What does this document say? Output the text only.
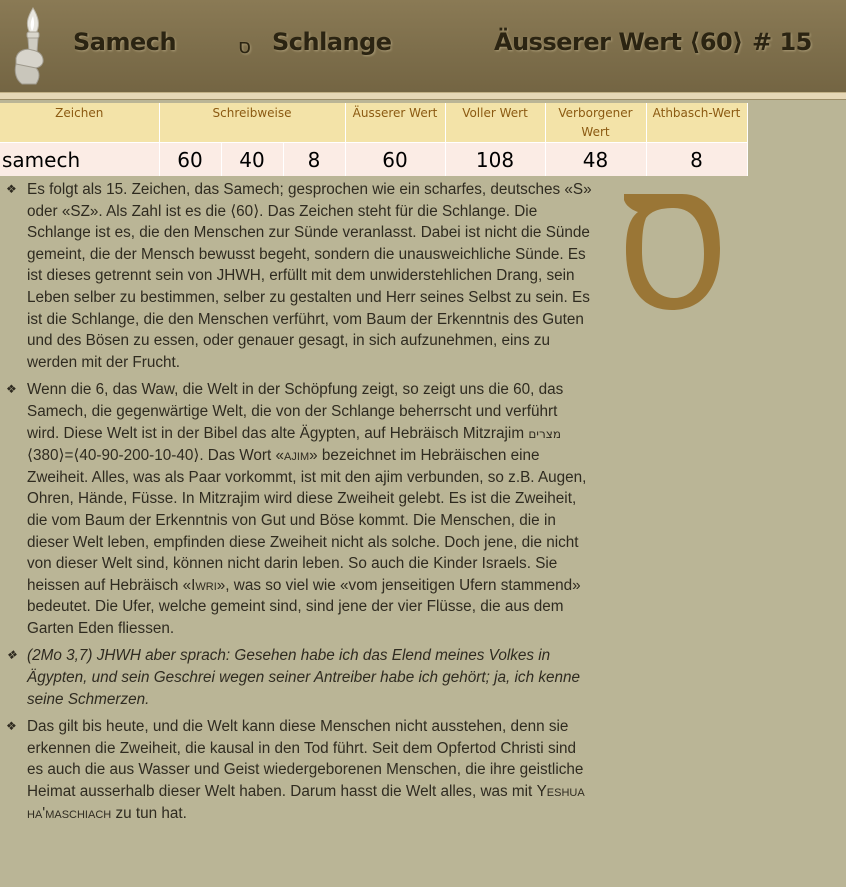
Samech	ס Schlange	Äusserer Wert ⟨60⟩ # 15
Zeichen	Schreibweise			Äusserer Wert	Voller Wert	Verborgener Wert	Athbasch-Wert
samech	60	40	8	60	108	48	8
❖ Es folgt als 15. Zeichen, das Samech; gesprochen wie ein scharfes, deutsches «S» oder «SZ». Als Zahl ist es die ⟨60⟩. Das Zeichen steht für die Schlange. Die Schlange ist es, die den Menschen zur Sünde veranlasst. Dabei ist nicht die Sünde gemeint, die der Mensch bewusst begeht, sondern die unausweichliche Sünde. Es ist dieses getrennt sein von JHWH, erfüllt mit dem unwiderstehlichen Drang, sein Leben selber zu bestimmen, selber zu gestalten und Herr seines Selbst zu sein. Es ist die Schlange, die den Menschen verführt, vom Baum der Erkenntnis des Guten und des Bösen zu essen, oder genauer gesagt, in sich aufzunehmen, eins zu werden mit der Frucht.
❖ Wenn die 6, das Waw, die Welt in der Schöpfung zeigt, so zeigt uns die 60, das Samech, die gegenwärtige Welt, die von der Schlange beherrscht und verführt wird. Diese Welt ist in der Bibel das alte Ägypten, auf Hebräisch Mitzrajim מצרים ⟨40-90-200-10-40⟩=⟨380⟩. Das Wort «ajim» bezeichnet im Hebräischen eine Zweiheit. Alles, was als Paar vorkommt, ist mit den ajim verbunden, so z.B. Augen, Ohren, Hände, Füsse. In Mitzrajim wird diese Zweiheit gelebt. Es ist die Zweiheit, die vom Baum der Erkenntnis von Gut und Böse kommt. Die Menschen, die in dieser Welt leben, empfinden diese Zweiheit nicht als solche. Doch jene, die nicht von dieser Welt sind, können nicht darin leben. So auch die Kinder Israels. Sie heissen auf Hebräisch «Iwri», was so viel wie «vom jenseitigen Ufern stammend» bedeutet. Die Ufer, welche gemeint sind, sind jene der vier Flüsse, die aus dem Garten Eden fliessen.
❖ (2Mo 3,7) JHWH aber sprach: Gesehen habe ich das Elend meines Volkes in Ägypten, und sein Geschrei wegen seiner Antreiber habe ich gehört; ja, ich kenne seine Schmerzen.
❖ Das gilt bis heute, und die Welt kann diese Menschen nicht ausstehen, denn sie erkennen die Zweiheit, die kausal in den Tod führt. Seit dem Opfertod Christi sind es auch die aus Wasser und Geist wiedergeborenen Menschen, die ihre geistliche Heimat ausserhalb dieser Welt haben. Darum hasst die Welt alles, was mit Yeshua ha'maschiach zu tun hat.
